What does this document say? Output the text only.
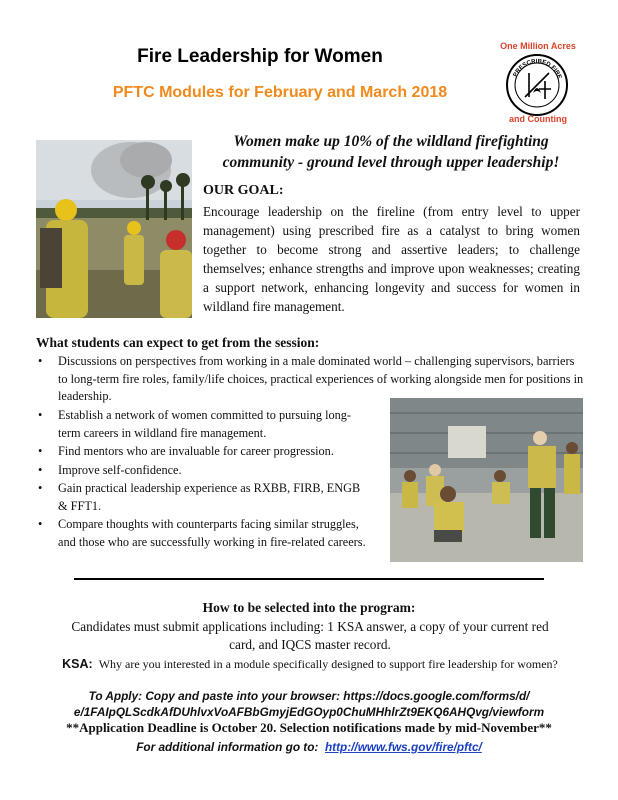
Fire Leadership for Women
PFTC Modules for February and March 2018
One Million Acres
PRESCRIBED FIRE
and Counting
Women make up 10% of the wildland firefighting community - ground level through upper leadership!
OUR GOAL:
Encourage leadership on the fireline (from entry level to upper management) using prescribed fire as a catalyst to bring women together to become strong and assertive leaders; to challenge themselves; enhance strengths and improve upon weaknesses; creating a support network, enhancing longevity and success for women in wildland fire management.
What students can expect to get from the session:
• Discussions on perspectives from working in a male dominated world – challenging supervisors, barriers to long-term fire roles, family/life choices, practical experiences of working alongside men for positions in leadership.
• Establish a network of women committed to pursuing long-term careers in wildland fire management.
• Find mentors who are invaluable for career progression.
• Improve self-confidence.
• Gain practical leadership experience as RXBB, FIRB, ENGB & FFT1.
• Compare thoughts with counterparts facing similar struggles, and those who are successfully working in fire-related careers.
How to be selected into the program:
Candidates must submit applications including: 1 KSA answer, a copy of your current red card, and IQCS master record.
KSA: Why are you interested in a module specifically designed to support fire leadership for women?
To Apply: Copy and paste into your browser: https://docs.google.com/forms/d/
e/1FAIpQLScdkAfDUhlvxVoAFBbGmyjEdGOyp0ChuMHhlrZt9EKQ6AHQvg/viewform
**Application Deadline is October 20. Selection notifications made by mid-November**
For additional information go to: http://www.fws.gov/fire/pftc/
